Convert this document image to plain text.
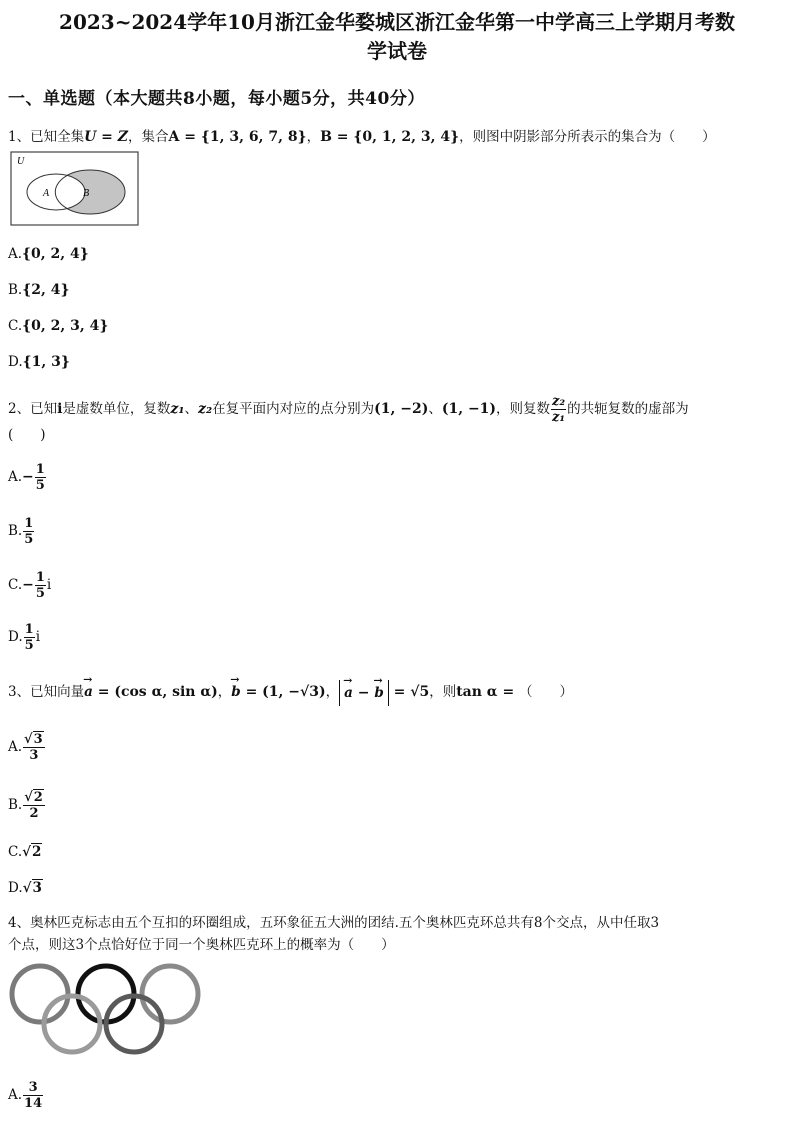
2023~2024学年10月浙江金华婺城区浙江金华第一中学高三上学期月考数
学试卷
一、单选题（本大题共8小题，每小题5分，共40分）
1、已知全集U = Z，集合A = {1, 3, 6, 7, 8}，B = {0, 1, 2, 3, 4}，则图中阴影部分所表示的集合为（　　）
U
A	B
A.{0, 2, 4}
B.{2, 4}
C.{0, 2, 3, 4}
D.{1, 3}
2、已知i是虚数单位，复数z₁、z₂在复平面内对应的点分别为(1, −2)、(1, −1)，则复数 $\frac{\text{z₂}}{\text{z₁}}$ 的共轭复数的虚部为
(　　)
$A.- \frac{1}{5}$
B. $\frac{1}{5}$
$C.- \frac{1}{5}$ i
D. $\frac{1}{5}$ i
3、已知向量→ a = (cos α, sin α)，→ b = (1, −√3)，→ a − → b = √5，则tan α = （　　）
A. $\frac{√3}{3}$
B. $\frac{√2}{2}$
C.√2
D.√3
4、奥林匹克标志由五个互扣的环圈组成，五环象征五大洲的团结.五个奥林匹克环总共有8个交点，从中任取3
个点，则这3个点恰好位于同一个奥林匹克环上的概率为（　　）
A. $\frac{3}{14}$
